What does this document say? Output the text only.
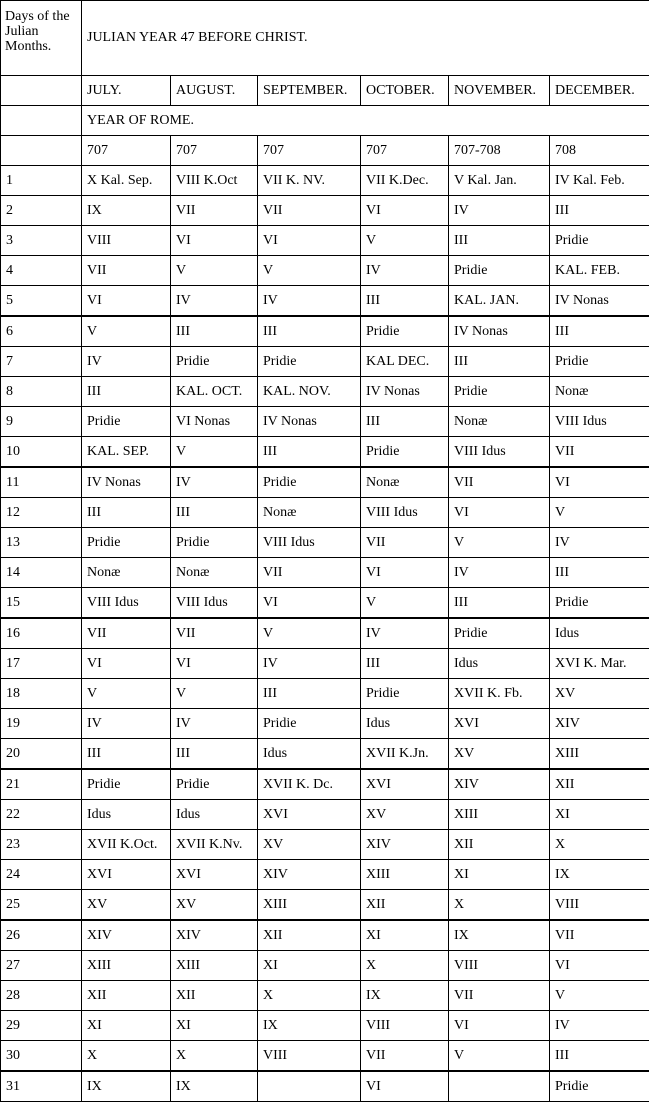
Days of the Julian Months.	JULIAN YEAR 47 BEFORE CHRIST.					
	JULY.	AUGUST.	SEPTEMBER.	OCTOBER.	NOVEMBER.	DECEMBER.
	YEAR OF ROME.					
	707	707	707	707	707-708	708
1	X Kal. Sep.	VIII K.Oct	VII K. NV.	VII K.Dec.	V Kal. Jan.	IV Kal. Feb.
2	IX	VII	VII	VI	IV	III
3	VIII	VI	VI	V	III	Pridie
4	VII	V	V	IV	Pridie	KAL. FEB.
5	VI	IV	IV	III	KAL. JAN.	IV Nonas
6	V	III	III	Pridie	IV Nonas	III
7	IV	Pridie	Pridie	KAL DEC.	III	Pridie
8	III	KAL. OCT.	KAL. NOV.	IV Nonas	Pridie	Nonæ
9	Pridie	VI Nonas	IV Nonas	III	Nonæ	VIII Idus
10	KAL. SEP.	V	III	Pridie	VIII Idus	VII
11	IV Nonas	IV	Pridie	Nonæ	VII	VI
12	III	III	Nonæ	VIII Idus	VI	V
13	Pridie	Pridie	VIII Idus	VII	V	IV
14	Nonæ	Nonæ	VII	VI	IV	III
15	VIII Idus	VIII Idus	VI	V	III	Pridie
16	VII	VII	V	IV	Pridie	Idus
17	VI	VI	IV	III	Idus	XVI K. Mar.
18	V	V	III	Pridie	XVII K. Fb.	XV
19	IV	IV	Pridie	Idus	XVI	XIV
20	III	III	Idus	XVII K.Jn.	XV	XIII
21	Pridie	Pridie	XVII K. Dc.	XVI	XIV	XII
22	Idus	Idus	XVI	XV	XIII	XI
23	XVII K.Oct.	XVII K.Nv.	XV	XIV	XII	X
24	XVI	XVI	XIV	XIII	XI	IX
25	XV	XV	XIII	XII	X	VIII
26	XIV	XIV	XII	XI	IX	VII
27	XIII	XIII	XI	X	VIII	VI
28	XII	XII	X	IX	VII	V
29	XI	XI	IX	VIII	VI	IV
30	X	X	VIII	VII	V	III
31	IX	IX		VI		Pridie
